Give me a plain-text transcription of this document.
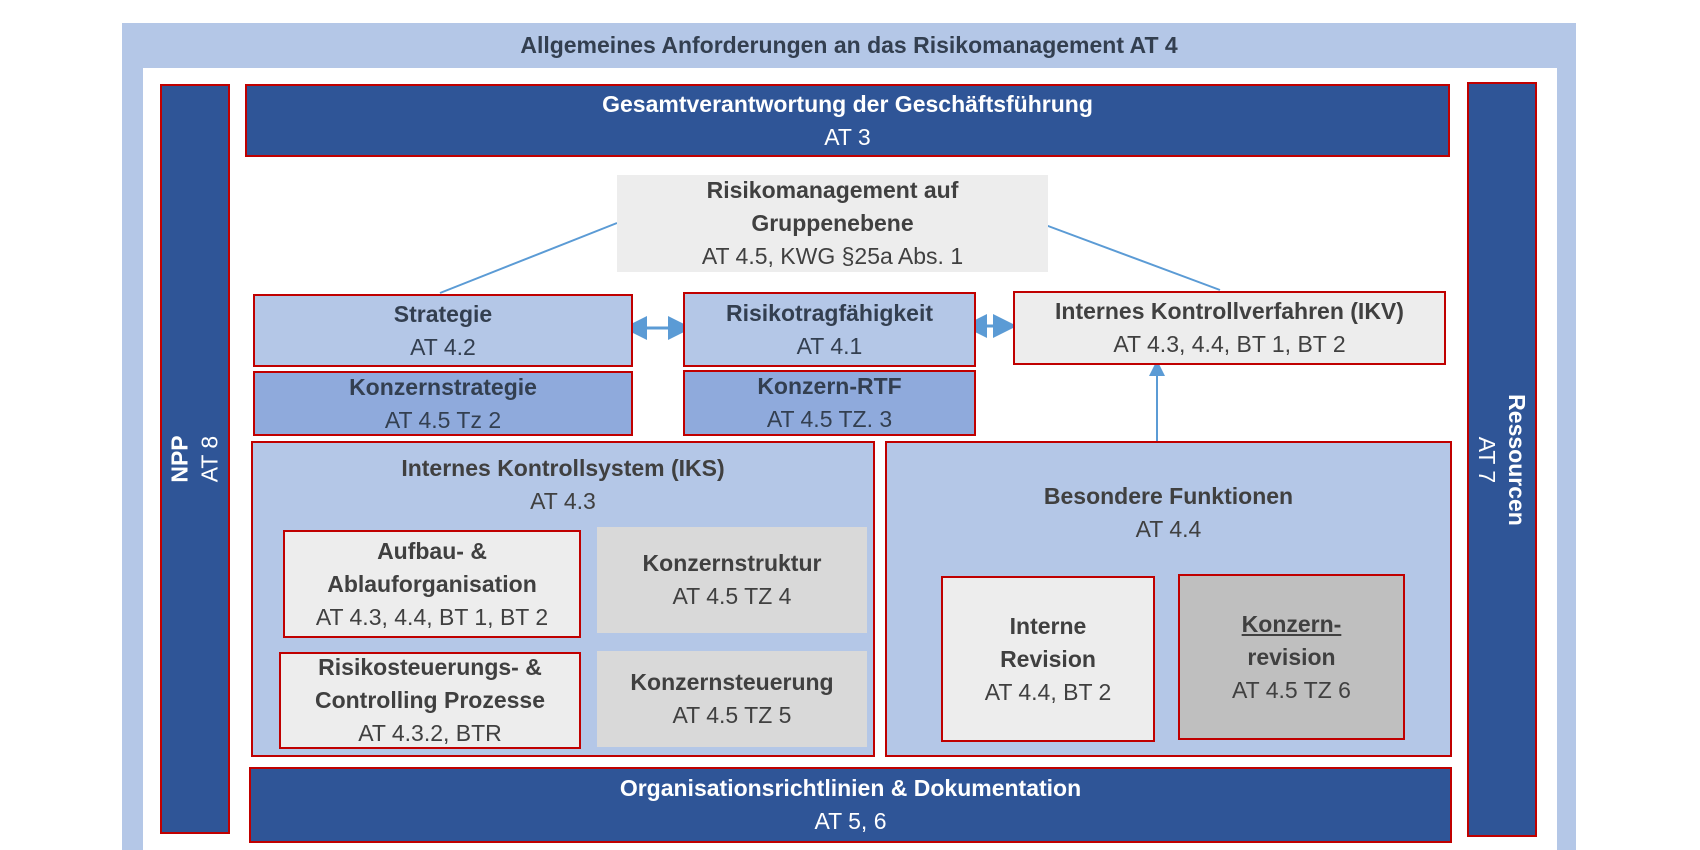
Allgemeines Anforderungen an das Risikomanagement AT 4
NPP AT 8	Ressourcen
AT 7
Gesamtverantwortung der Geschäftsführung
AT 3
Risikomanagement auf
Gruppenebene
AT 4.5, KWG §25a Abs. 1
Strategie
AT 4.2
Risikotragfähigkeit
AT 4.1
Internes Kontrollverfahren (IKV)
AT 4.3, 4.4, BT 1, BT 2
Konzernstrategie
AT 4.5 Tz 2
Konzern-RTF
AT 4.5 TZ. 3
Internes Kontrollsystem (IKS)
AT 4.3
Aufbau- &
Ablauforganisation
AT 4.3, 4.4, BT 1, BT 2
Konzernstruktur
AT 4.5 TZ 4
Risikosteuerungs- &
Controlling Prozesse
AT 4.3.2, BTR
Konzernsteuerung
AT 4.5 TZ 5
Besondere Funktionen
AT 4.4
Interne
Revision
AT 4.4, BT 2
Konzern-
revision
AT 4.5 TZ 6
Organisationsrichtlinien & Dokumentation
AT 5, 6
